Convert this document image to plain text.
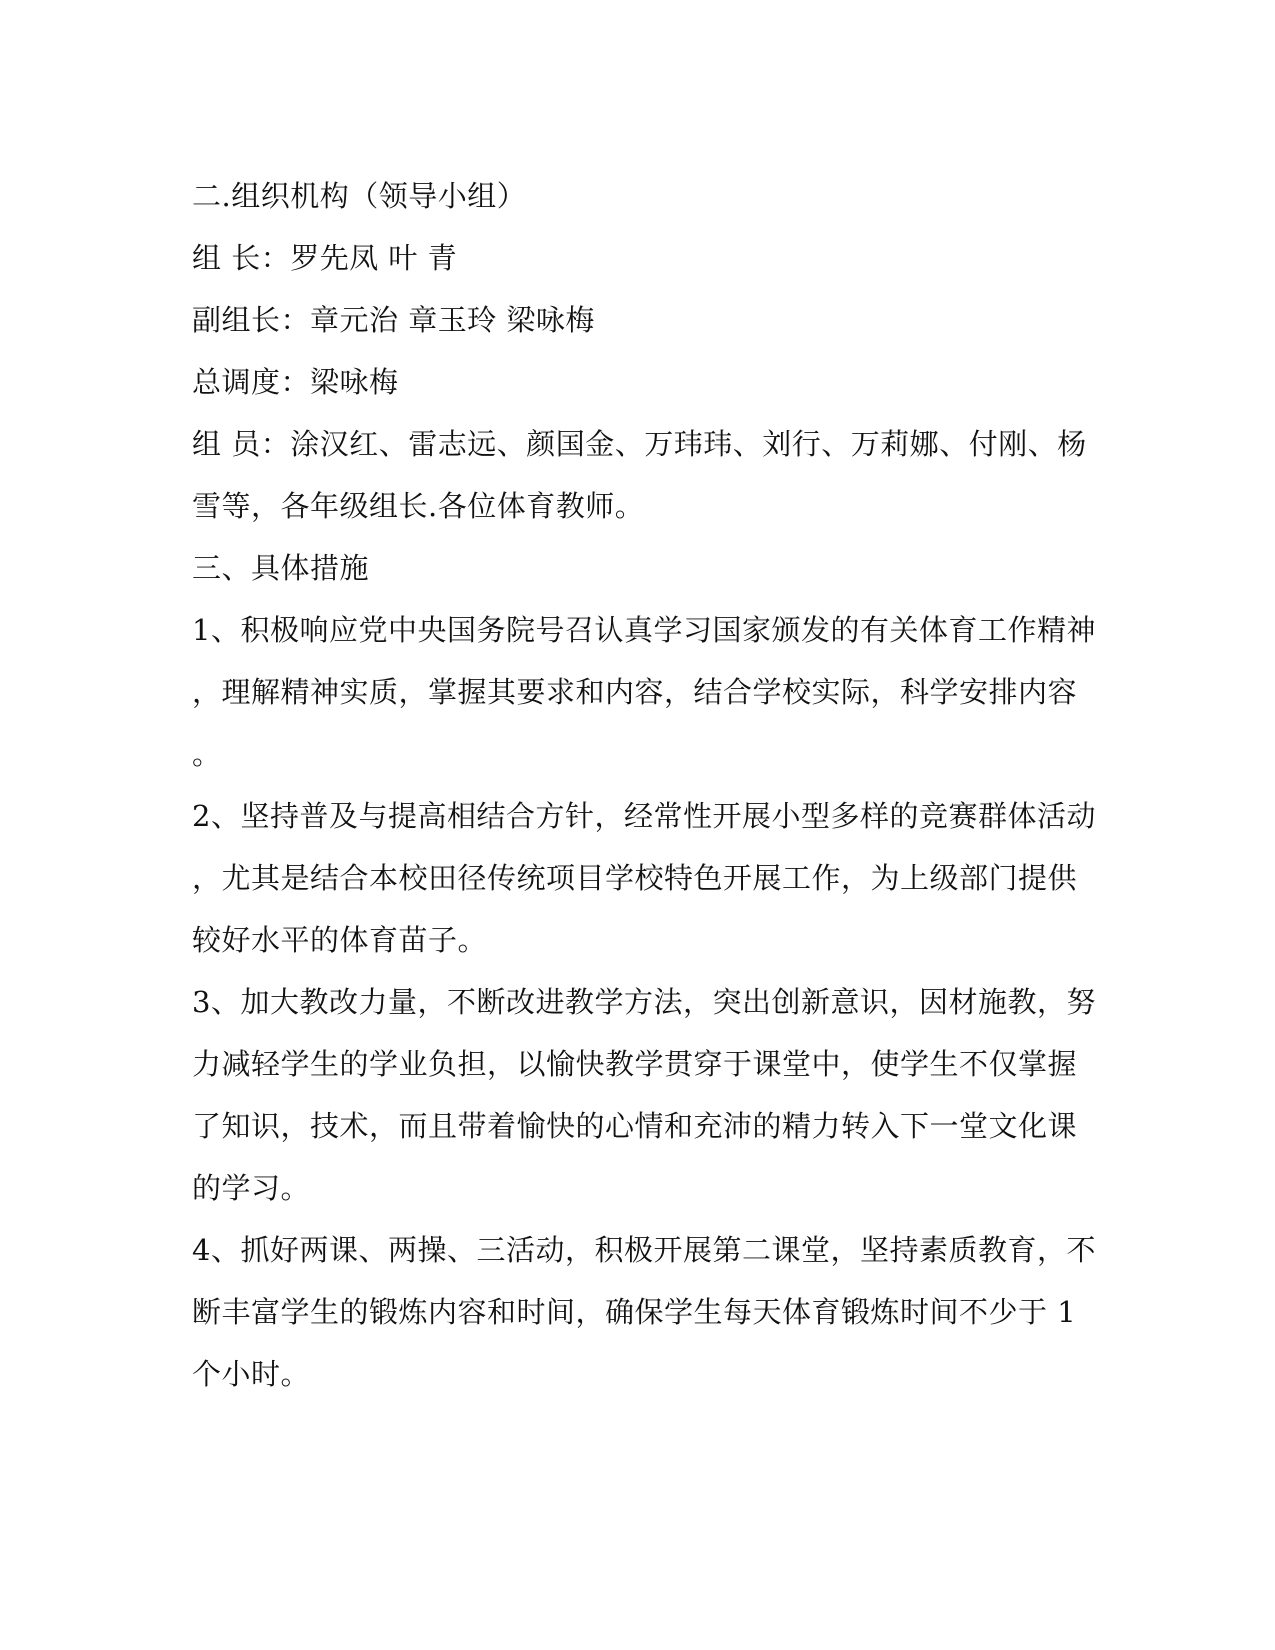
二.组织机构（领导小组）
组 长：罗先凤 叶 青
副组长：章元治 章玉玲 梁咏梅
总调度：梁咏梅
组 员：涂汉红、雷志远、颜国金、万玮玮、刘行、万莉娜、付刚、杨
雪等，各年级组长.各位体育教师。
三、具体措施
1、积极响应党中央国务院号召认真学习国家颁发的有关体育工作精神
，理解精神实质，掌握其要求和内容，结合学校实际，科学安排内容
。
2、坚持普及与提高相结合方针，经常性开展小型多样的竞赛群体活动
，尤其是结合本校田径传统项目学校特色开展工作，为上级部门提供
较好水平的体育苗子。
3、加大教改力量，不断改进教学方法，突出创新意识，因材施教，努
力减轻学生的学业负担，以愉快教学贯穿于课堂中，使学生不仅掌握
了知识，技术，而且带着愉快的心情和充沛的精力转入下一堂文化课
的学习。
4、抓好两课、两操、三活动，积极开展第二课堂，坚持素质教育，不
断丰富学生的锻炼内容和时间，确保学生每天体育锻炼时间不少于 1
个小时。
